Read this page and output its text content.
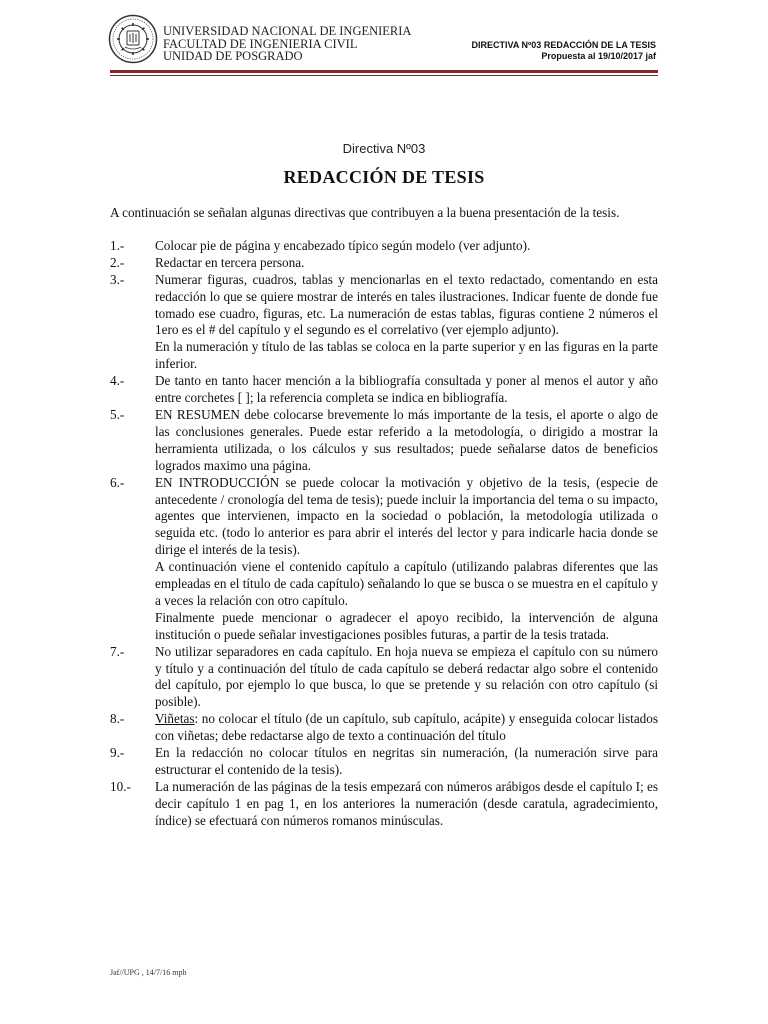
UNIVERSIDAD NACIONAL DE INGENIERIA
FACULTAD DE INGENIERIA CIVIL
UNIDAD DE POSGRADO
DIRECTIVA Nº03 REDACCIÓN DE LA TESIS
Propuesta al 19/10/2017 jaf
Directiva Nº03
REDACCIÓN DE TESIS

A continuación se señalan algunas directivas que contribuyen a la buena presentación de la tesis.

1.-	Colocar pie de página y encabezado típico según modelo (ver adjunto).

2.-	Redactar en tercera persona.

3.-	Numerar figuras, cuadros, tablas y mencionarlas en el texto redactado, comentando en esta redacción lo que se quiere mostrar de interés en tales ilustraciones. Indicar fuente de donde fue tomado ese cuadro, figuras, etc. La numeración de estas tablas, figuras contiene 2 números el 1ero es el # del capítulo y el segundo es el correlativo (ver ejemplo adjunto).

En la numeración y título de las tablas se coloca en la parte superior y en las figuras en la parte inferior.

4.-	De tanto en tanto hacer mención a la bibliografía consultada y poner al menos el autor y año entre corchetes [ ]; la referencia completa se indica en bibliografía.

5.-	EN RESUMEN debe colocarse brevemente lo más importante de la tesis, el aporte o algo de las conclusiones generales. Puede estar referido a la metodología, o dirigido a mostrar la herramienta utilizada, o los cálculos y sus resultados; puede señalarse datos de beneficios logrados maximo una página.

6.-	EN INTRODUCCIÓN se puede colocar la motivación y objetivo de la tesis, (especie de antecedente / cronología del tema de tesis); puede incluir la importancia del tema o su impacto, agentes que intervienen, impacto en la sociedad o población, la metodología utilizada o seguida etc. (todo lo anterior es para abrir el interés del lector y para indicarle hacia donde se dirige el interés de la tesis).

A continuación viene el contenido capítulo a capítulo (utilizando palabras diferentes que las empleadas en el título de cada capítulo) señalando lo que se busca o se muestra en el capítulo y a veces la relación con otro capítulo.

Finalmente puede mencionar o agradecer el apoyo recibido, la intervención de alguna institución o puede señalar investigaciones posibles futuras, a partir de la tesis tratada.

7.-	No utilizar separadores en cada capítulo. En hoja nueva se empieza el capítulo con su número y título y a continuación del título de cada capítulo se deberá redactar algo sobre el contenido del capítulo, por ejemplo lo que busca, lo que se pretende y su relación con otro capítulo (si posible).

8.-	Viñetas: no colocar el título (de un capítulo, sub capítulo, acápite) y enseguida colocar listados con viñetas; debe redactarse algo de texto a continuación del título

9.-	En la redacción no colocar títulos en negritas sin numeración, (la numeración sirve para estructurar el contenido de la tesis).

10.-	La numeración de las páginas de la tesis empezará con números arábigos desde el capítulo I; es decir capítulo 1 en pag 1, en los anteriores la numeración (desde caratula, agradecimiento, índice) se efectuará con números romanos minúsculas.

Jaf//UPG , 14/7/16 mpb
